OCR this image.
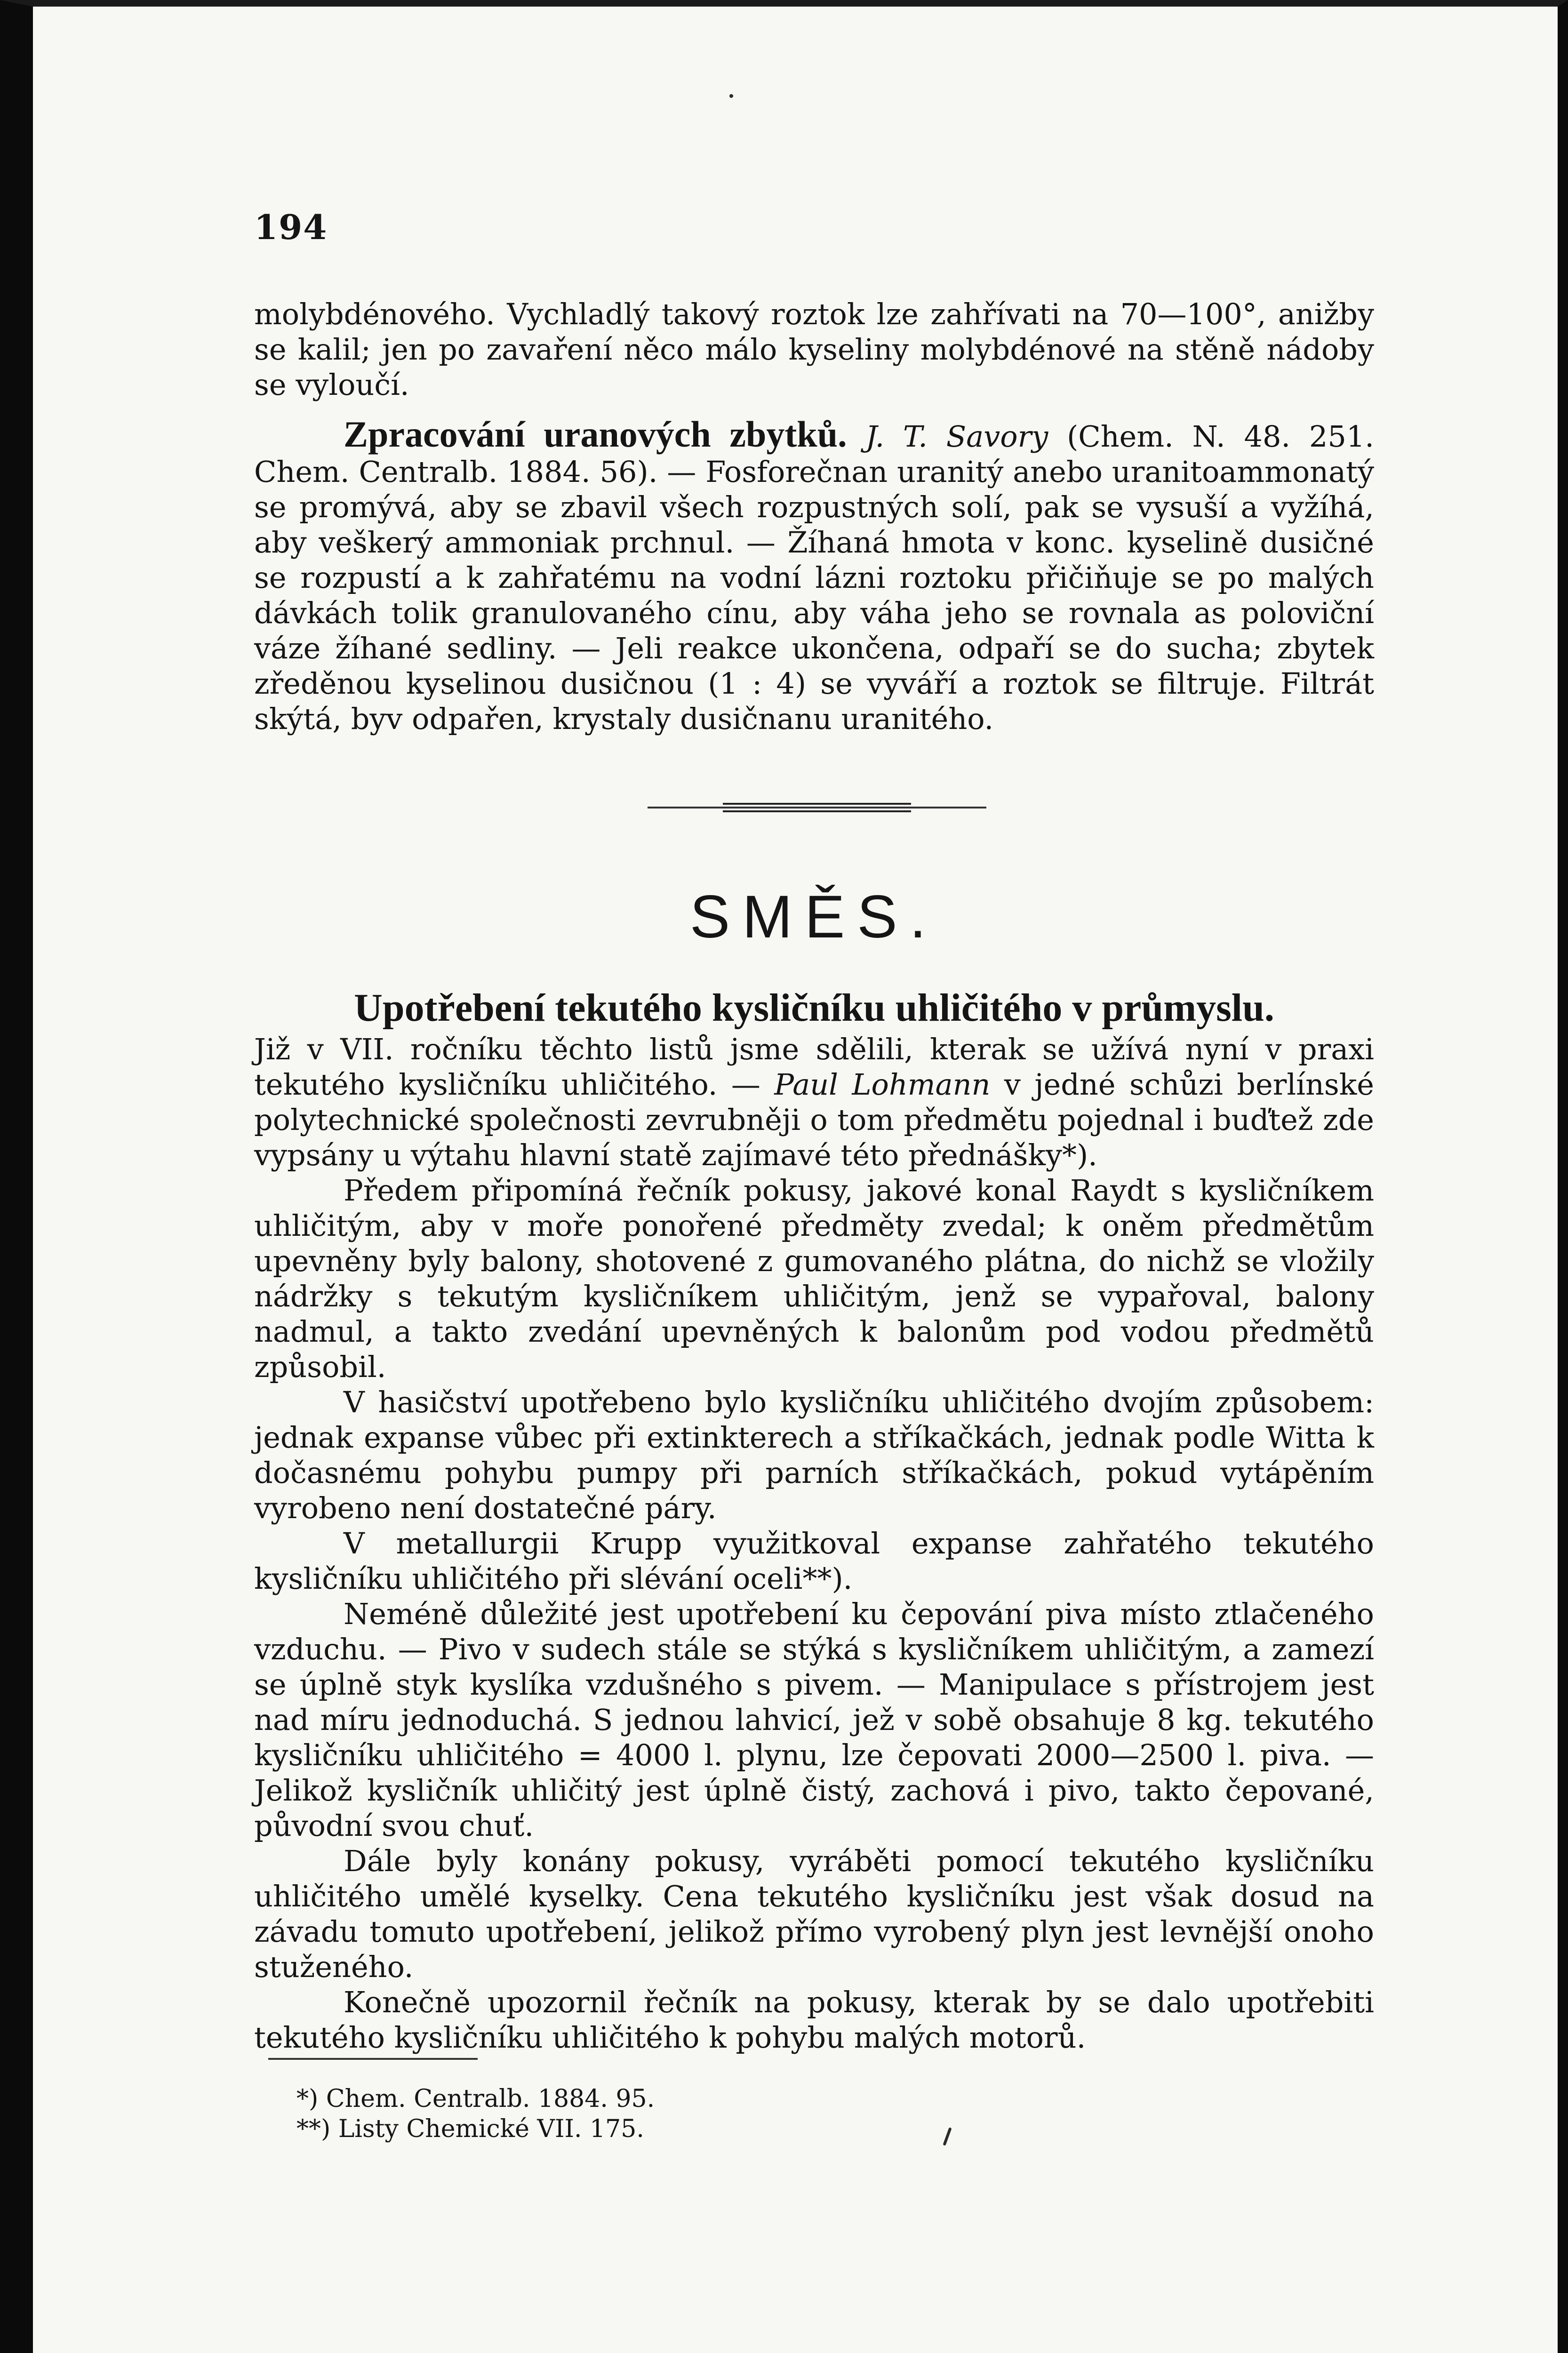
194

molybdénového. Vychladlý takový roztok lze zahřívati na 70—100°, anižby se kalil; jen po zavaření něco málo kyseliny molybdénové na stěně nádoby se vyloučí.

Zpracování uranových zbytků. J. T. Savory (Chem. N. 48. 251. Chem. Centralb. 1884. 56). — Fosforečnan uranitý anebo uranitoammonatý se promývá, aby se zbavil všech rozpustných solí, pak se vysuší a vyžíhá, aby veškerý ammoniak prchnul. — Žíhaná hmota v konc. kyselině dusičné se rozpustí a k zahřatému na vodní lázni roztoku přičiňuje se po malých dávkách tolik granulovaného cínu, aby váha jeho se rovnala as poloviční váze žíhané sedliny. — Jeli reakce ukončena, odpaří se do sucha; zbytek zředěnou kyselinou dusičnou (1 : 4) se vyváří a roztok se filtruje. Filtrát skýtá, byv odpařen, krystaly dusičnanu uranitého.

SMĚS.

Upotřebení tekutého kysličníku uhličitého v průmyslu.

Již v VII. ročníku těchto listů jsme sdělili, kterak se užívá nyní v praxi tekutého kysličníku uhličitého. — Paul Lohmann v jedné schůzi berlínské polytechnické společnosti zevrubněji o tom předmětu pojednal i buďtež zde vypsány u výtahu hlavní statě zajímavé této přednášky*).

Předem připomíná řečník pokusy, jakové konal Raydt s kysličníkem uhličitým, aby v moře ponořené předměty zvedal; k oněm předmětům upevněny byly balony, shotovené z gumovaného plátna, do nichž se vložily nádržky s tekutým kysličníkem uhličitým, jenž se vypařoval, balony nadmul, a takto zvedání upevněných k balonům pod vodou předmětů způsobil.

V hasičství upotřebeno bylo kysličníku uhličitého dvojím způsobem: jednak expanse vůbec při extinkterech a stříkačkách, jednak podle Witta k dočasnému pohybu pumpy při parních stříkačkách, pokud vytápěním vyrobeno není dostatečné páry.

V metallurgii Krupp využitkoval expanse zahřatého tekutého kysličníku uhličitého při slévání oceli**).

Neméně důležité jest upotřebení ku čepování piva místo ztlačeného vzduchu. — Pivo v sudech stále se stýká s kysličníkem uhličitým, a zamezí se úplně styk kyslíka vzdušného s pivem. — Manipulace s přístrojem jest nad míru jednoduchá. S jednou lahvicí, jež v sobě obsahuje 8 kg. tekutého kysličníku uhličitého = 4000 l. plynu, lze čepovati 2000—2500 l. piva. — Jelikož kysličník uhličitý jest úplně čistý, zachová i pivo, takto čepované, původní svou chuť.

Dále byly konány pokusy, vyráběti pomocí tekutého kysličníku uhličitého umělé kyselky. Cena tekutého kysličníku jest však dosud na závadu tomuto upotřebení, jelikož přímo vyrobený plyn jest levnější onoho stuženého.

Konečně upozornil řečník na pokusy, kterak by se dalo upotřebiti tekutého kysličníku uhličitého k pohybu malých motorů.

*) Chem. Centralb. 1884. 95.

**) Listy Chemické VII. 175.
